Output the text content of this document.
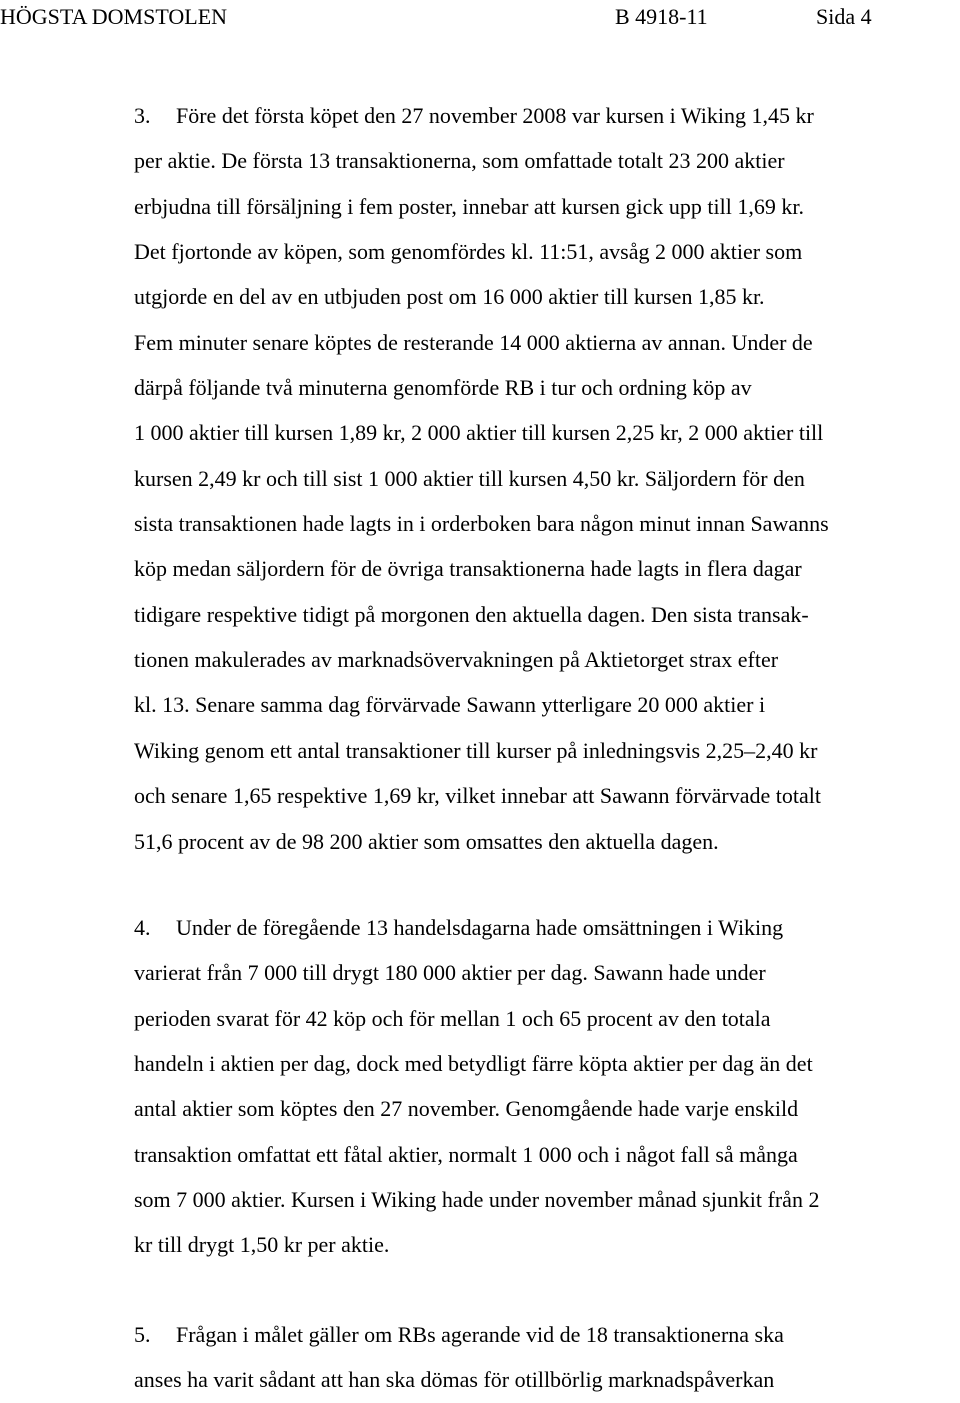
HÖGSTA DOMSTOLEN	B 4918-11	Sida 4
3. Före det första köpet den 27 november 2008 var kursen i Wiking 1,45 kr
per aktie. De första 13 transaktionerna, som omfattade totalt 23 200 aktier
erbjudna till försäljning i fem poster, innebar att kursen gick upp till 1,69 kr.
Det fjortonde av köpen, som genomfördes kl. 11:51, avsåg 2 000 aktier som
utgjorde en del av en utbjuden post om 16 000 aktier till kursen 1,85 kr.
Fem minuter senare köptes de resterande 14 000 aktierna av annan. Under de
därpå följande två minuterna genomförde RB i tur och ordning köp av
1 000 aktier till kursen 1,89 kr, 2 000 aktier till kursen 2,25 kr, 2 000 aktier till
kursen 2,49 kr och till sist 1 000 aktier till kursen 4,50 kr. Säljordern för den
sista transaktionen hade lagts in i orderboken bara någon minut innan Sawanns
köp medan säljordern för de övriga transaktionerna hade lagts in flera dagar
tidigare respektive tidigt på morgonen den aktuella dagen. Den sista transak-
tionen makulerades av marknadsövervakningen på Aktietorget strax efter
kl. 13. Senare samma dag förvärvade Sawann ytterligare 20 000 aktier i
Wiking genom ett antal transaktioner till kurser på inledningsvis 2,25–2,40 kr
och senare 1,65 respektive 1,69 kr, vilket innebar att Sawann förvärvade totalt
51,6 procent av de 98 200 aktier som omsattes den aktuella dagen.
4. Under de föregående 13 handelsdagarna hade omsättningen i Wiking
varierat från 7 000 till drygt 180 000 aktier per dag. Sawann hade under
perioden svarat för 42 köp och för mellan 1 och 65 procent av den totala
handeln i aktien per dag, dock med betydligt färre köpta aktier per dag än det
antal aktier som köptes den 27 november. Genomgående hade varje enskild
transaktion omfattat ett fåtal aktier, normalt 1 000 och i något fall så många
som 7 000 aktier. Kursen i Wiking hade under november månad sjunkit från 2
kr till drygt 1,50 kr per aktie.
5. Frågan i målet gäller om RBs agerande vid de 18 transaktionerna ska
anses ha varit sådant att han ska dömas för otillbörlig marknadspåverkan
